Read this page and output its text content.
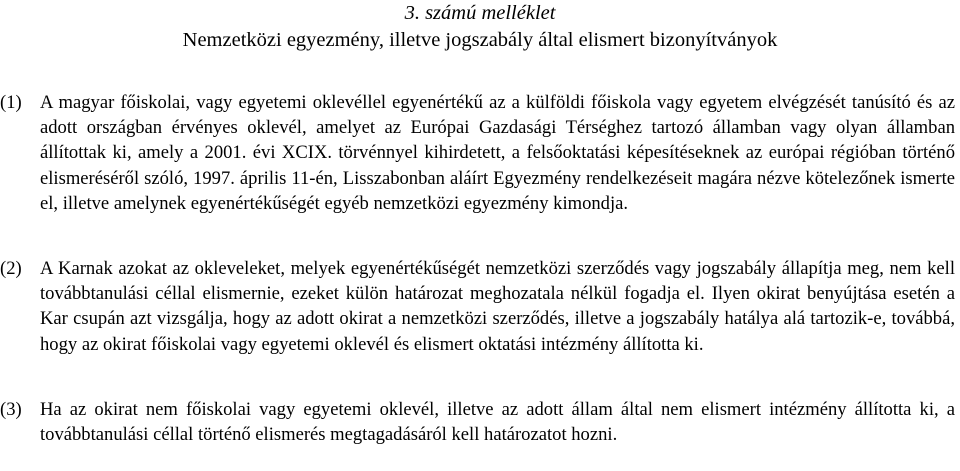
3. számú melléklet
Nemzetközi egyezmény, illetve jogszabály által elismert bizonyítványok
(1) A magyar főiskolai, vagy egyetemi oklevéllel egyenértékű az a külföldi főiskola vagy egyetem elvégzését tanúsító és az adott országban érvényes oklevél, amelyet az Európai Gazdasági Térséghez tartozó államban vagy olyan államban állítottak ki, amely a 2001. évi XCIX. törvénnyel kihirdetett, a felsőoktatási képesítéseknek az európai régióban történő elismeréséről szóló, 1997. április 11-én, Lisszabonban aláírt Egyezmény rendelkezéseit magára nézve kötelezőnek ismerte el, illetve amelynek egyenértékűségét egyéb nemzetközi egyezmény kimondja.
(2) A Karnak azokat az okleveleket, melyek egyenértékűségét nemzetközi szerződés vagy jogszabály állapítja meg, nem kell továbbtanulási céllal elismernie, ezeket külön határozat meghozatala nélkül fogadja el. Ilyen okirat benyújtása esetén a Kar csupán azt vizsgálja, hogy az adott okirat a nemzetközi szerződés, illetve a jogszabály hatálya alá tartozik-e, továbbá, hogy az okirat főiskolai vagy egyetemi oklevél és elismert oktatási intézmény állította ki.
(3) Ha az okirat nem főiskolai vagy egyetemi oklevél, illetve az adott állam által nem elismert intézmény állította ki, a továbbtanulási céllal történő elismerés megtagadásáról kell határozatot hozni.
